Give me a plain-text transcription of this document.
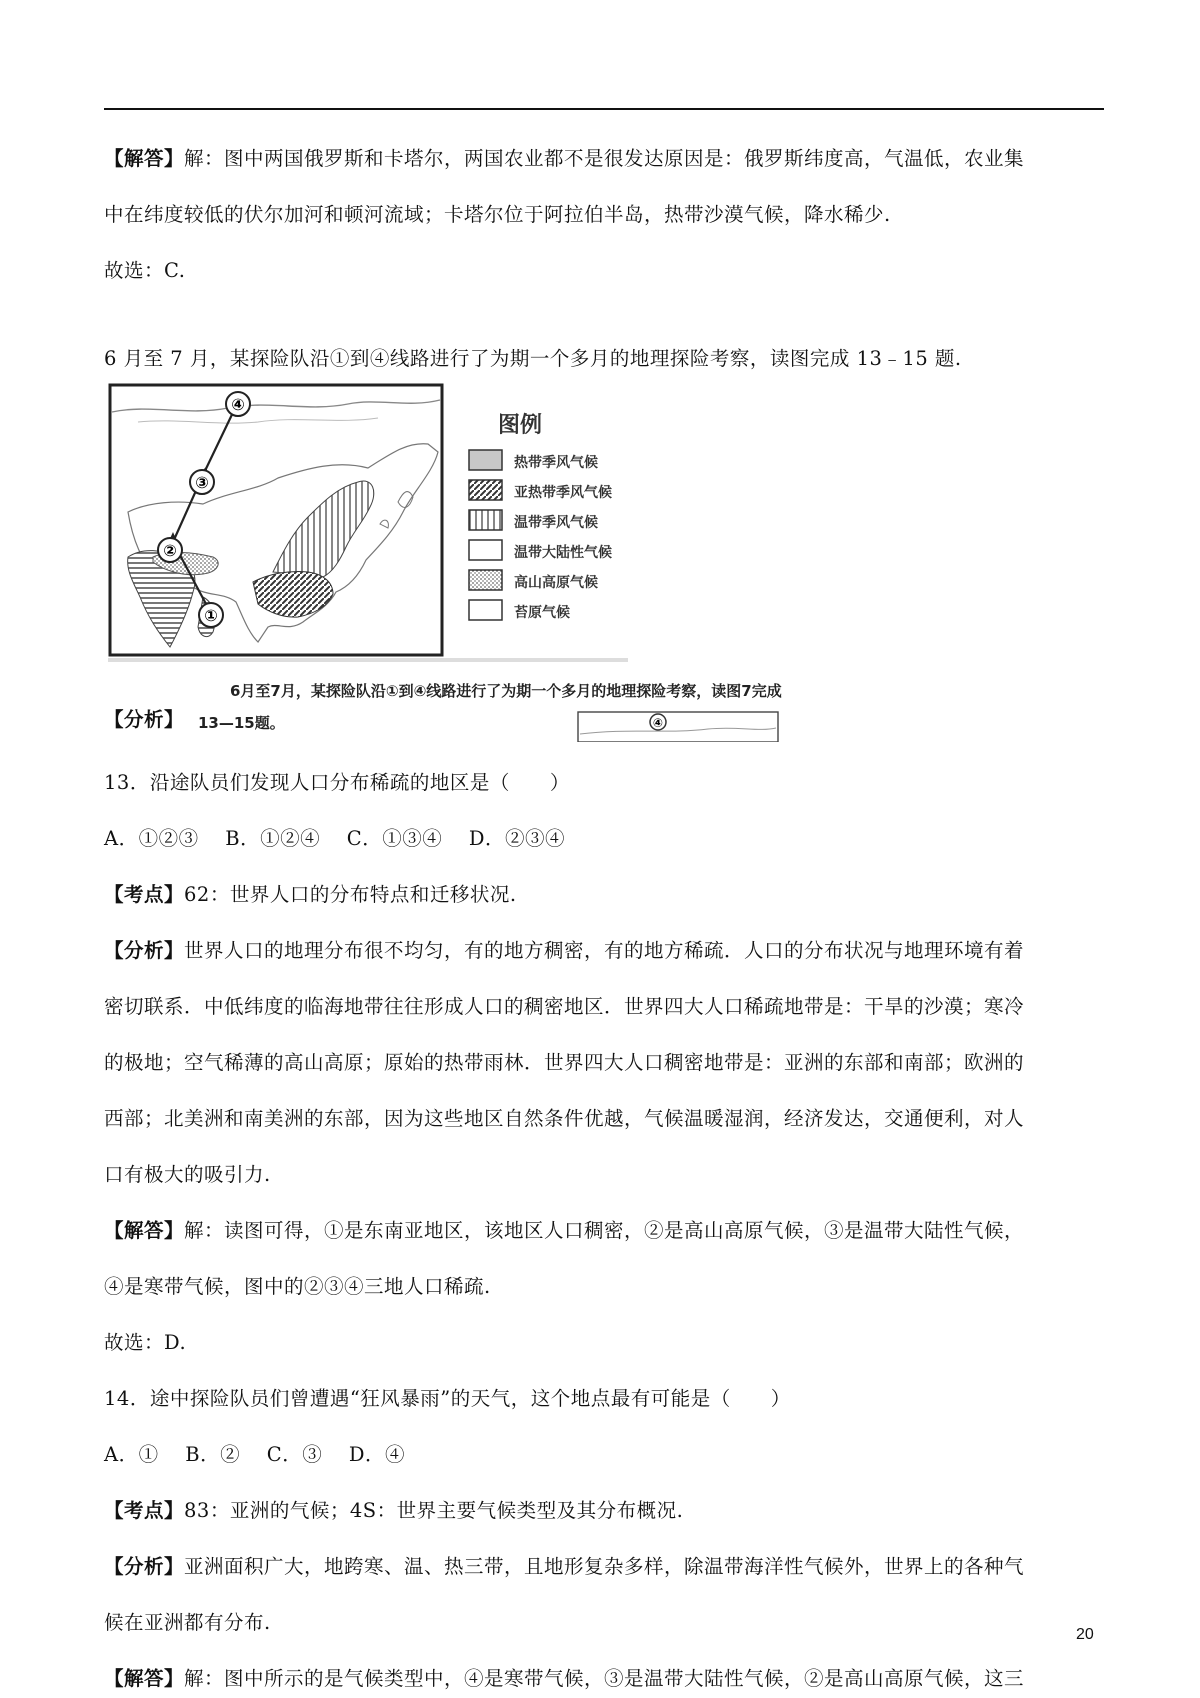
【解答】解：图中两国俄罗斯和卡塔尔，两国农业都不是很发达原因是：俄罗斯纬度高，气温低，农业集
中在纬度较低的伏尔加河和顿河流域；卡塔尔位于阿拉伯半岛，热带沙漠气候，降水稀少.
故选：C.
6 月至 7 月，某探险队沿①到④线路进行了为期一个多月的地理探险考察，读图完成 13﹣15 题.
【分析】
13．沿途队员们发现人口分布稀疏的地区是（　　）
A．①②③　 B．①②④　 C．①③④　 D．②③④
【考点】62：世界人口的分布特点和迁移状况.
【分析】世界人口的地理分布很不均匀，有的地方稠密，有的地方稀疏．人口的分布状况与地理环境有着
密切联系．中低纬度的临海地带往往形成人口的稠密地区．世界四大人口稀疏地带是：干旱的沙漠；寒冷
的极地；空气稀薄的高山高原；原始的热带雨林．世界四大人口稠密地带是：亚洲的东部和南部；欧洲的
西部；北美洲和南美洲的东部，因为这些地区自然条件优越，气候温暖湿润，经济发达，交通便利，对人
口有极大的吸引力.
【解答】解：读图可得，①是东南亚地区，该地区人口稠密，②是高山高原气候，③是温带大陆性气候，
④是寒带气候，图中的②③④三地人口稀疏.
故选：D.
14．途中探险队员们曾遭遇“狂风暴雨”的天气，这个地点最有可能是（　　）
A．①　 B．②　 C．③　 D．④
【考点】83：亚洲的气候；4S：世界主要气候类型及其分布概况.
【分析】亚洲面积广大，地跨寒、温、热三带，且地形复杂多样，除温带海洋性气候外，世界上的各种气
候在亚洲都有分布.
【解答】解：图中所示的是气候类型中，④是寒带气候，③是温带大陆性气候，②是高山高原气候，这三
①
②
③
④
④
图例
热带季风气候
亚热带季风气候
温带季风气候
温带大陆性气候
高山高原气候
苔原气候
6月至7月，某探险队沿①到④线路进行了为期一个多月的地理探险考察，读图7完成
13—15题。
20
